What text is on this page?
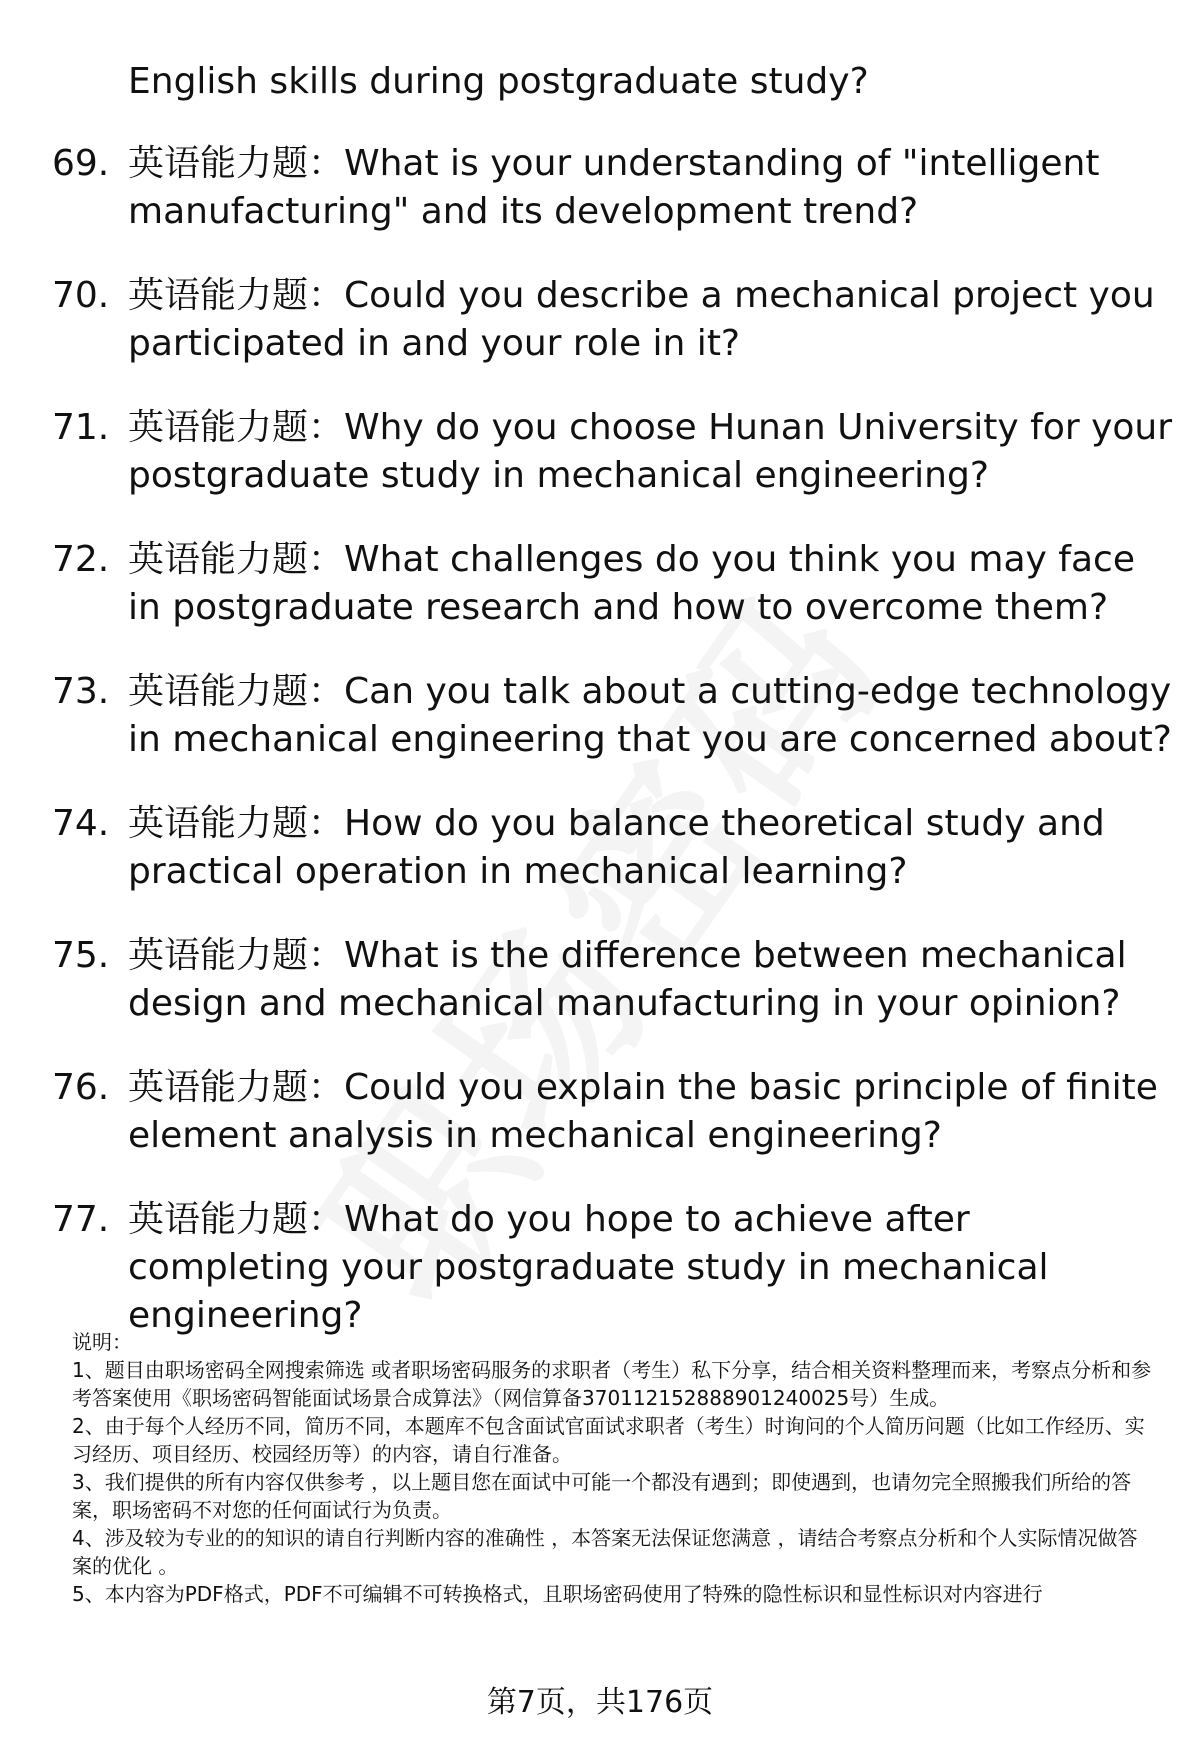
English skills during postgraduate study?
69. 英语能力题：What is your understanding of "intelligent manufacturing" and its development trend?
70. 英语能力题：Could you describe a mechanical project you participated in and your role in it?
71. 英语能力题：Why do you choose Hunan University for your postgraduate study in mechanical engineering?
72. 英语能力题：What challenges do you think you may face in postgraduate research and how to overcome them?
73. 英语能力题：Can you talk about a cutting-edge technology in mechanical engineering that you are concerned about?
74. 英语能力题：How do you balance theoretical study and practical operation in mechanical learning?
75. 英语能力题：What is the difference between mechanical design and mechanical manufacturing in your opinion?
76. 英语能力题：Could you explain the basic principle of finite element analysis in mechanical engineering?
77. 英语能力题：What do you hope to achieve after completing your postgraduate study in mechanical engineering?

说明：

1、题目由职场密码全网搜索筛选 或者职场密码服务的求职者（考生）私下分享，结合相关资料整理而来，考察点分析和参考答案使用《职场密码智能面试场景合成算法》（网信算备370112152888901240025号）生成。

2、由于每个人经历不同，简历不同，本题库不包含面试官面试求职者（考生）时询问的个人简历问题（比如工作经历、实习经历、项目经历、校园经历等）的内容，请自行准备。

3、我们提供的所有内容仅供参考 ，以上题目您在面试中可能一个都没有遇到；即使遇到，也请勿完全照搬我们所给的答案，职场密码不对您的任何面试行为负责。

4、涉及较为专业的的知识的请自行判断内容的准确性 ，本答案无法保证您满意 ，请结合考察点分析和个人实际情况做答案的优化 。

5、本内容为PDF格式，PDF不可编辑不可转换格式，且职场密码使用了特殊的隐性标识和显性标识对内容进行

第7页，共176页
